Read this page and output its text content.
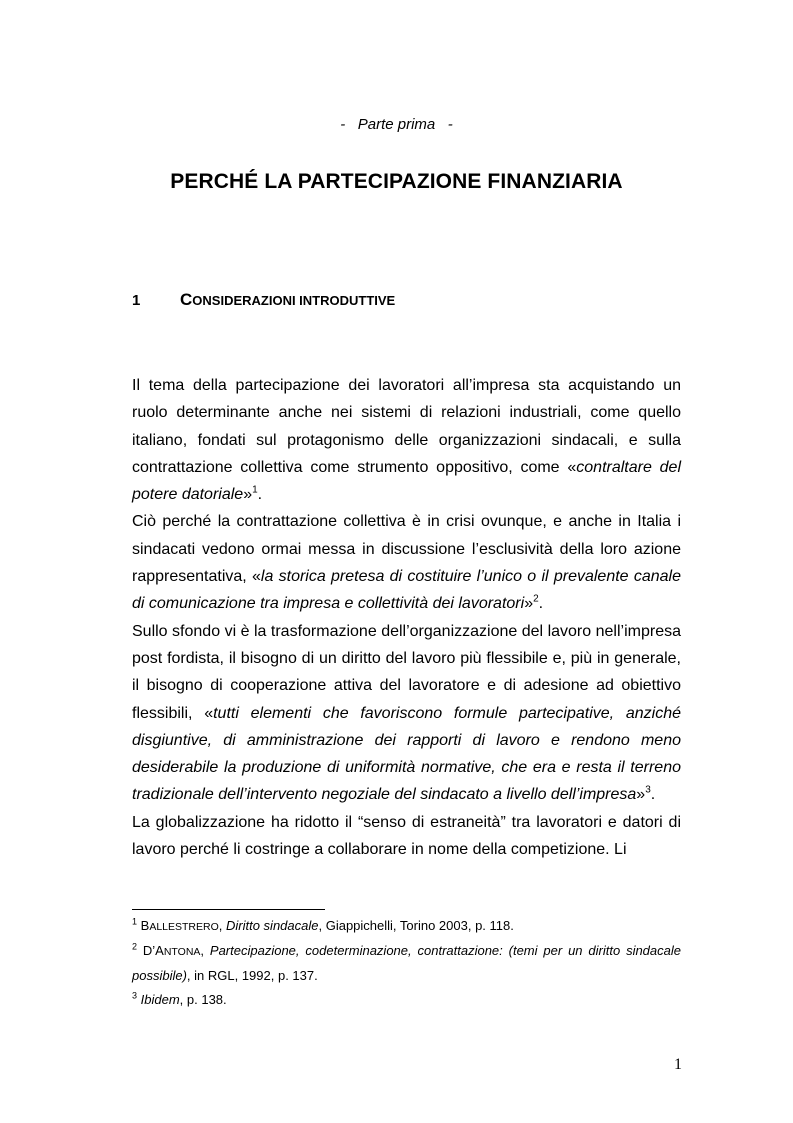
-   Parte prima   -
PERCHÉ LA PARTECIPAZIONE FINANZIARIA
1 CONSIDERAZIONI INTRODUTTIVE

Il tema della partecipazione dei lavoratori all’impresa sta acquistando un ruolo determinante anche nei sistemi di relazioni industriali, come quello italiano, fondati sul protagonismo delle organizzazioni sindacali, e sulla contrattazione collettiva come strumento oppositivo, come «contraltare del potere datoriale»$^1$.

Ciò perché la contrattazione collettiva è in crisi ovunque, e anche in Italia i sindacati vedono ormai messa in discussione l’esclusività della loro azione rappresentativa, «la storica pretesa di costituire l’unico o il prevalente canale di comunicazione tra impresa e collettività dei lavoratori»$^2$.

Sullo sfondo vi è la trasformazione dell’organizzazione del lavoro nell’impresa post fordista, il bisogno di un diritto del lavoro più flessibile e, più in generale, il bisogno di cooperazione attiva del lavoratore e di adesione ad obiettivo flessibili, «tutti elementi che favoriscono formule partecipative, anziché disgiuntive, di amministrazione dei rapporti di lavoro e rendono meno desiderabile la produzione di uniformità normative, che era e resta il terreno tradizionale dell’intervento negoziale del sindacato a livello dell’impresa»$^3$.

La globalizzazione ha ridotto il “senso di estraneità” tra lavoratori e datori di lavoro perché li costringe a collaborare in nome della competizione. Li

$^1$ BALLESTRERO, Diritto sindacale, Giappichelli, Torino 2003, p. 118.

$^2$ D’ANTONA, Partecipazione, codeterminazione, contrattazione: (temi per un diritto sindacale possibile), in RGL, 1992, p. 137.

$^3$ Ibidem, p. 138.

1
